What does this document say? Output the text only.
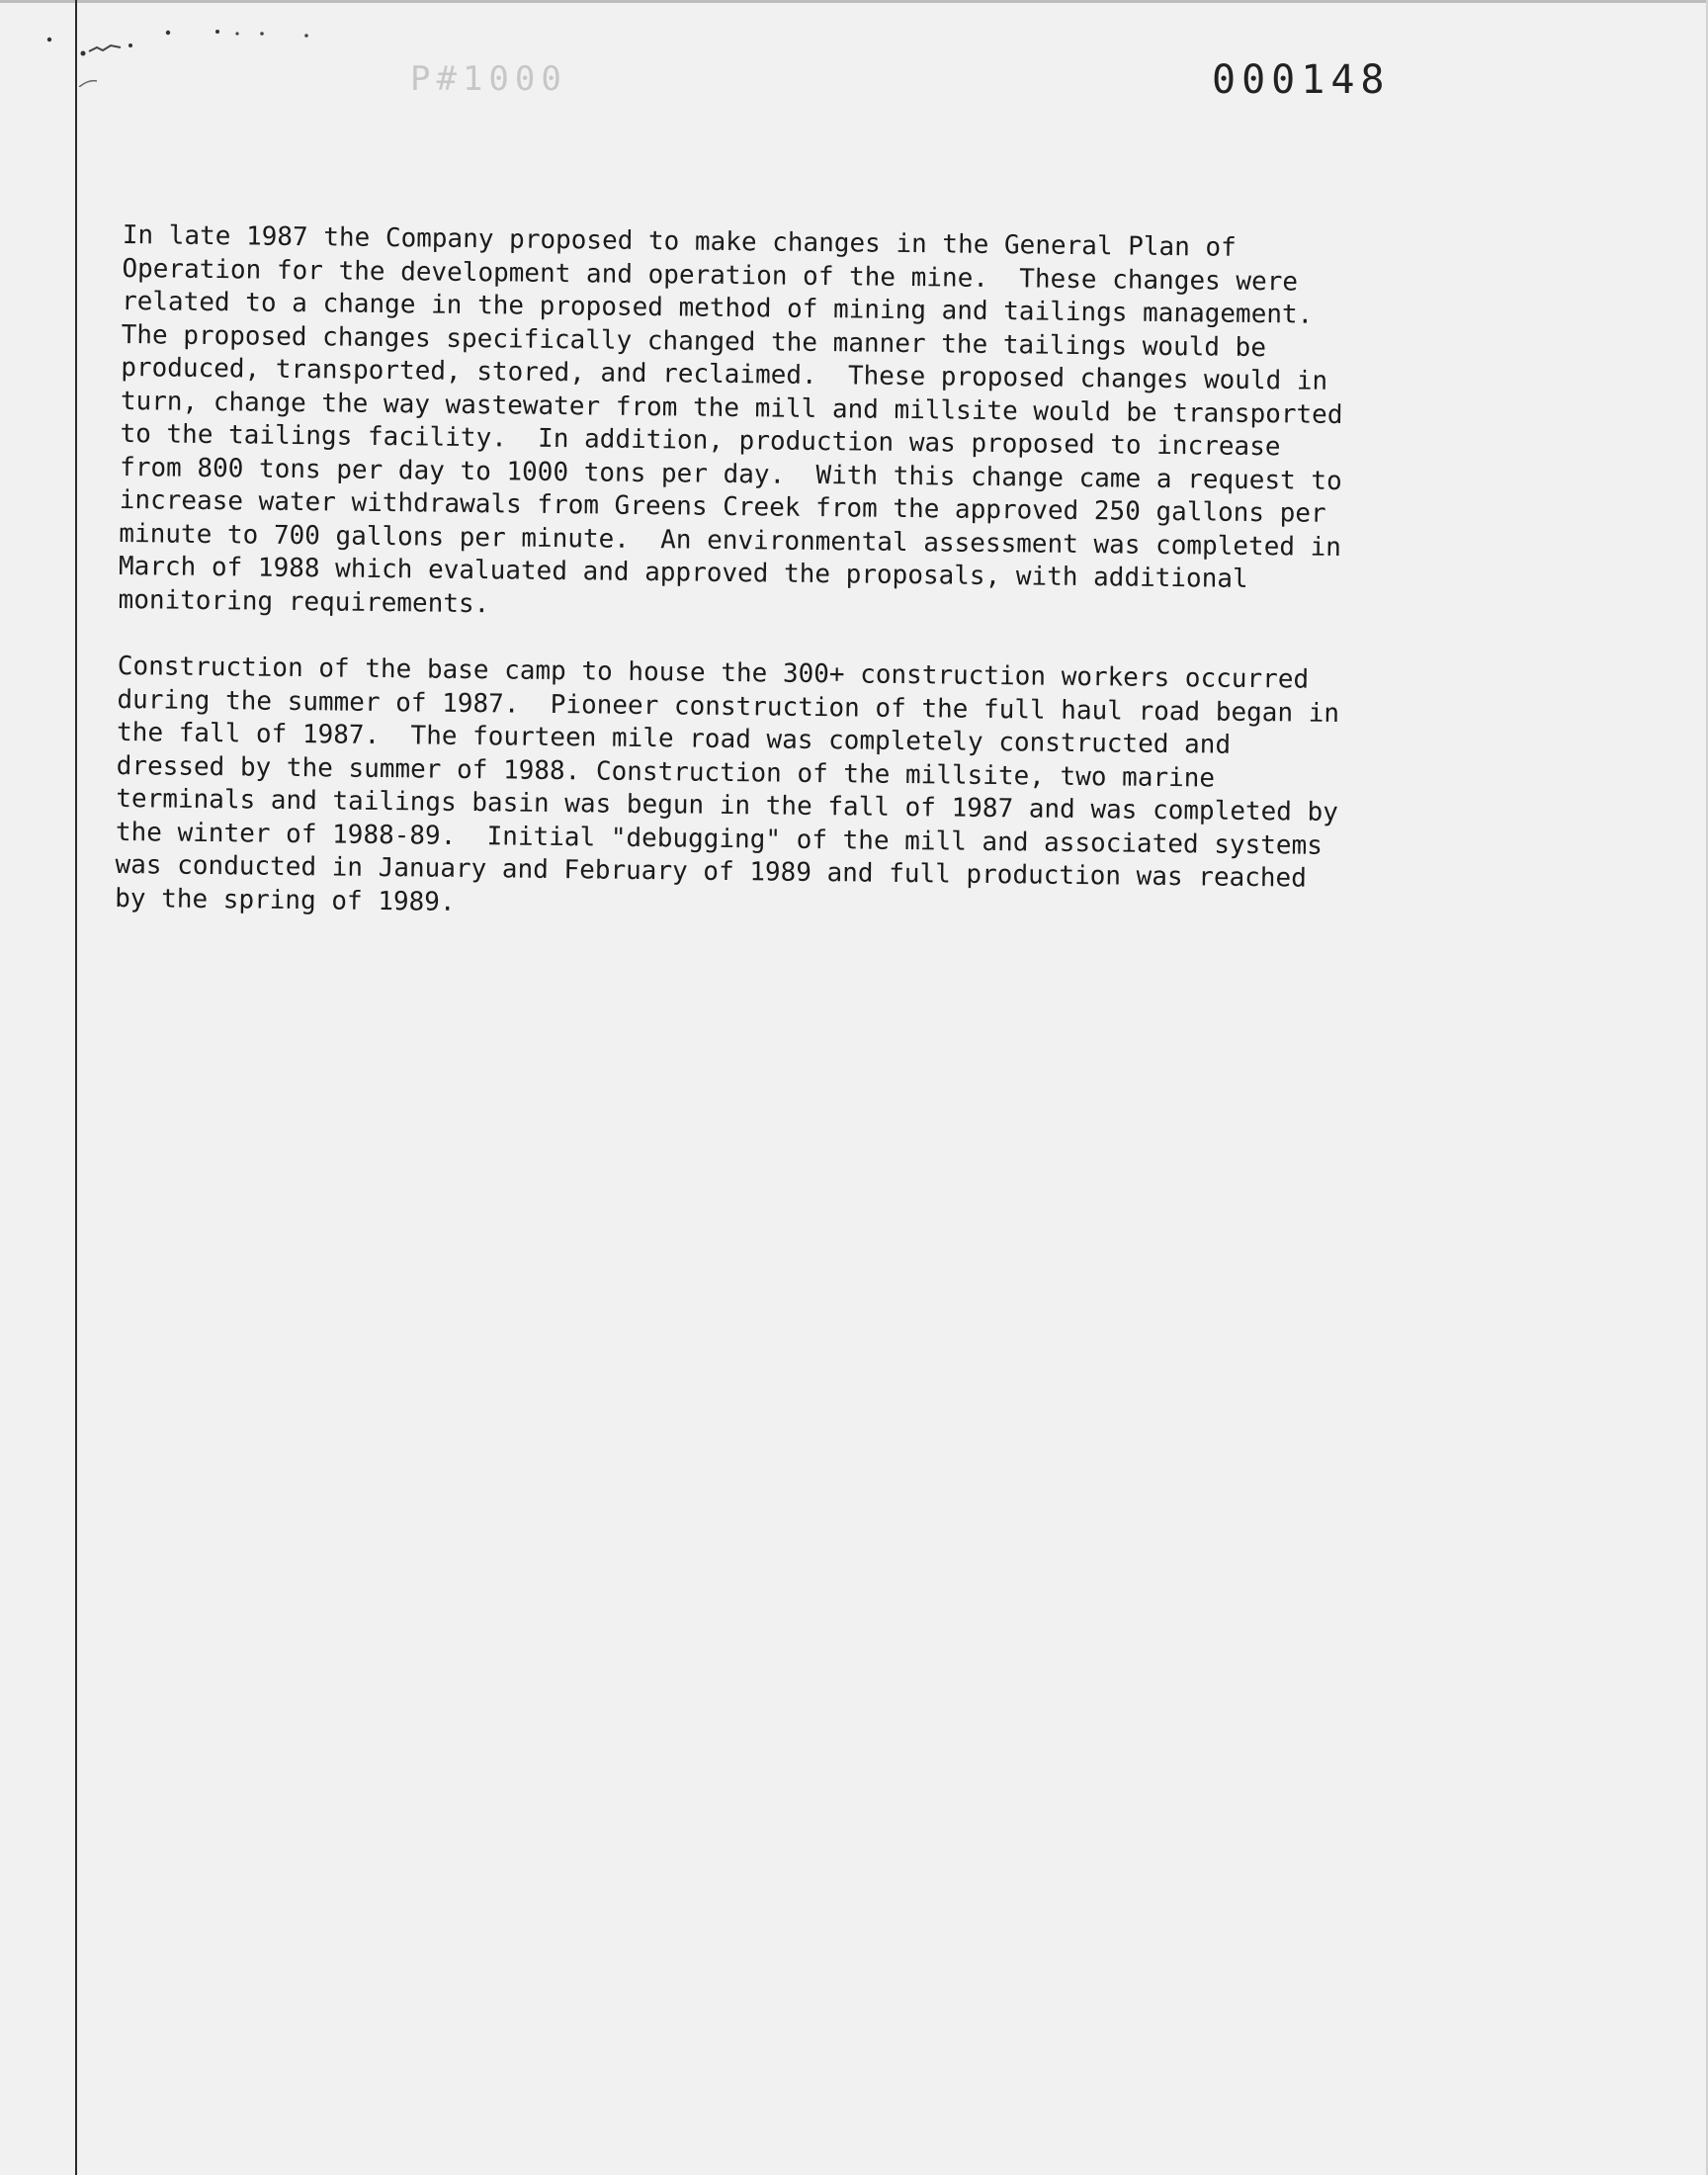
P#1000	000148
In late 1987 the Company proposed to make changes in the General Plan of
Operation for the development and operation of the mine.  These changes were
related to a change in the proposed method of mining and tailings management.
The proposed changes specifically changed the manner the tailings would be
produced, transported, stored, and reclaimed.  These proposed changes would in
turn, change the way wastewater from the mill and millsite would be transported
to the tailings facility.  In addition, production was proposed to increase
from 800 tons per day to 1000 tons per day.  With this change came a request to
increase water withdrawals from Greens Creek from the approved 250 gallons per
minute to 700 gallons per minute.  An environmental assessment was completed in
March of 1988 which evaluated and approved the proposals, with additional
monitoring requirements.
Construction of the base camp to house the 300+ construction workers occurred
during the summer of 1987.  Pioneer construction of the full haul road began in
the fall of 1987.  The fourteen mile road was completely constructed and
dressed by the summer of 1988. Construction of the millsite, two marine
terminals and tailings basin was begun in the fall of 1987 and was completed by
the winter of 1988-89.  Initial "debugging" of the mill and associated systems
was conducted in January and February of 1989 and full production was reached
by the spring of 1989.
